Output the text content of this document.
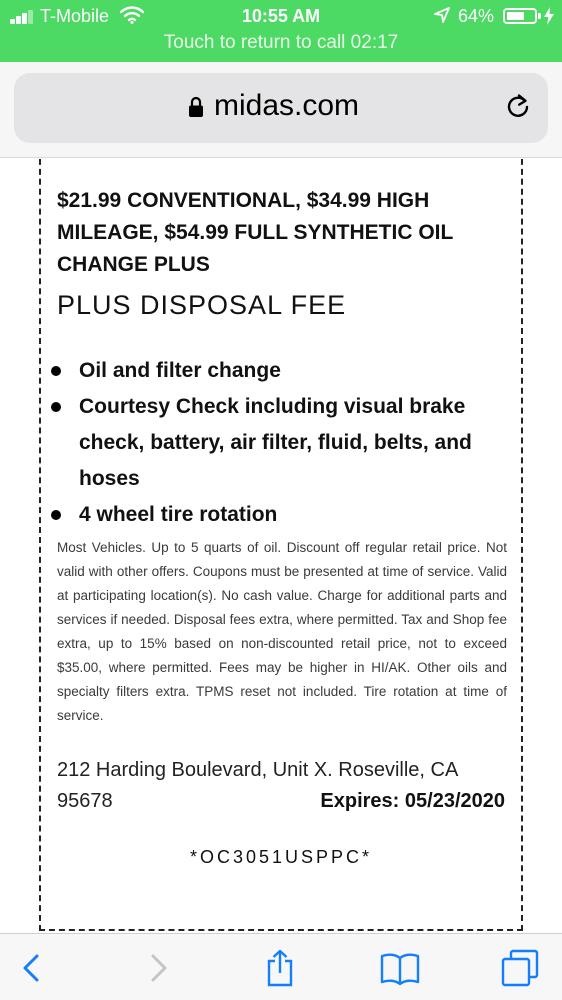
T-Mobile	10:55 AM	64%
Touch to return to call 02:17
midas.com
$21.99 CONVENTIONAL, $34.99 HIGH MILEAGE, $54.99 FULL SYNTHETIC OIL CHANGE PLUS
PLUS DISPOSAL FEE
Oil and filter change
Courtesy Check including visual brake check, battery, air filter, fluid, belts, and hoses
4 wheel tire rotation

Most Vehicles. Up to 5 quarts of oil. Discount off regular retail price. Not valid with other offers. Coupons must be presented at time of service. Valid at participating location(s). No cash value. Charge for additional parts and services if needed. Disposal fees extra, where permitted. Tax and Shop fee extra, up to 15% based on non-discounted retail price, not to exceed $35.00, where permitted. Fees may be higher in HI/AK. Other oils and specialty filters extra. TPMS reset not included. Tire rotation at time of service.

212 Harding Boulevard, Unit X. Roseville, CA 95678	Expires: 05/23/2020
*OC3051USPPC*
